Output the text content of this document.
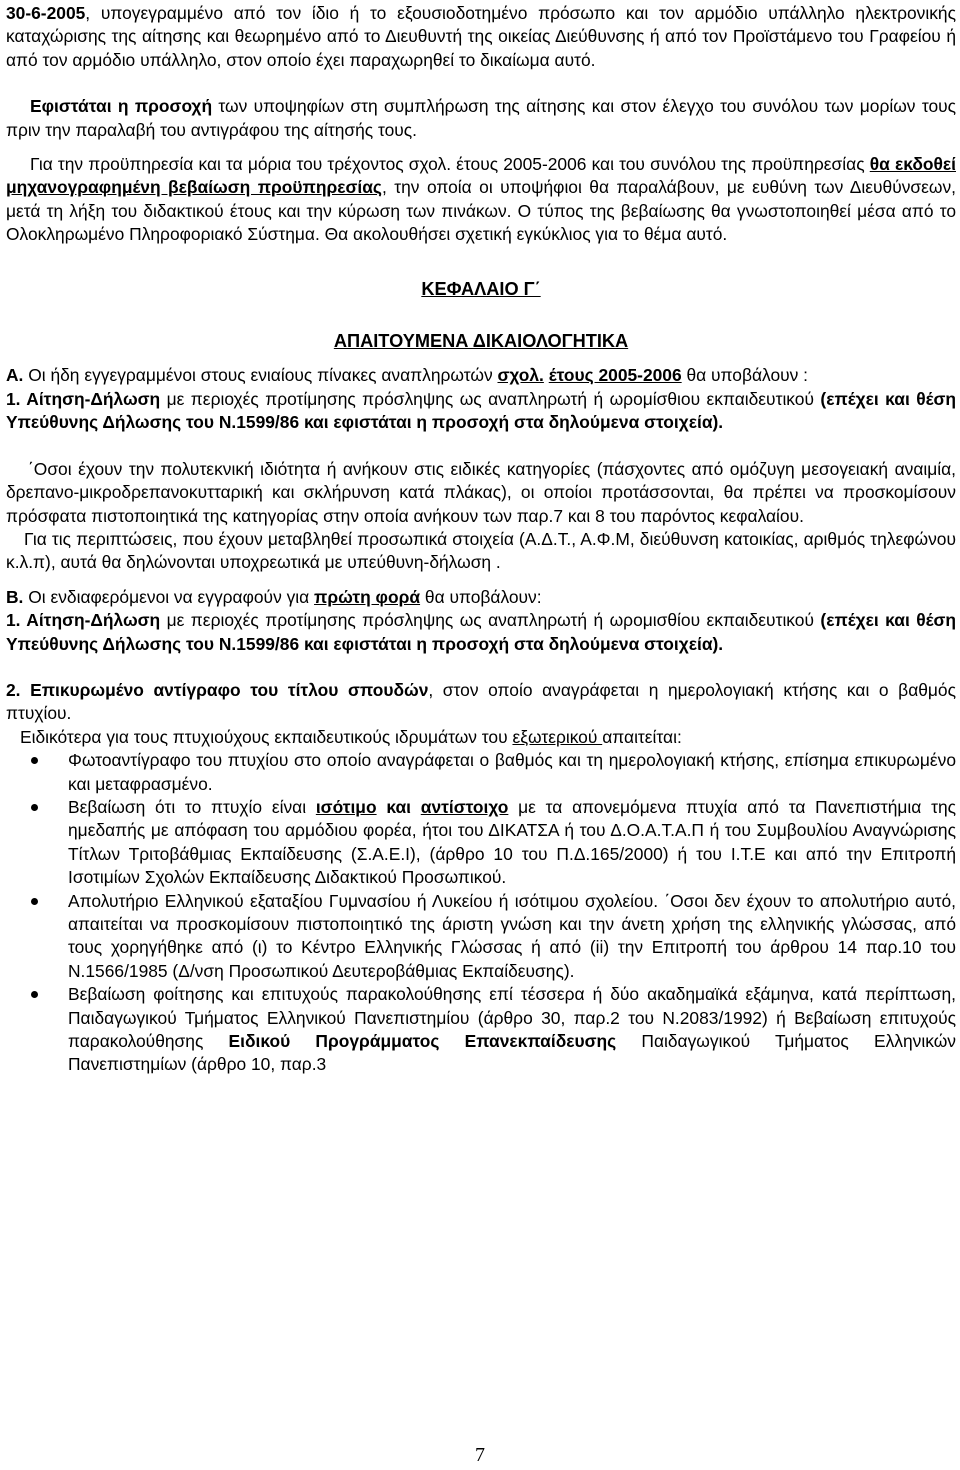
30-6-2005, υπογεγραμμένο από τον ίδιο ή το εξουσιοδοτημένο πρόσωπο και τον αρμόδιο υπάλληλο ηλεκτρονικής καταχώρισης της αίτησης και θεωρημένο από το Διευθυντή της οικείας Διεύθυνσης ή από τον Προϊστάμενο του Γραφείου ή από τον αρμόδιο υπάλληλο, στον οποίο έχει παραχωρηθεί το δικαίωμα αυτό.

Εφιστάται η προσοχή των υποψηφίων στη συμπλήρωση της αίτησης και στον έλεγχο του συνόλου των μορίων τους πριν την παραλαβή του αντιγράφου της αίτησής τους.

Για την προϋπηρεσία και τα μόρια του τρέχοντος σχολ. έτους 2005-2006 και του συνόλου της προϋπηρεσίας θα εκδοθεί μηχανογραφημένη βεβαίωση προϋπηρεσίας, την οποία οι υποψήφιοι θα παραλάβουν, με ευθύνη των Διευθύνσεων, μετά τη λήξη του διδακτικού έτους και την κύρωση των πινάκων. Ο τύπος της βεβαίωσης θα γνωστοποιηθεί μέσα από το Ολοκληρωμένο Πληροφοριακό Σύστημα. Θα ακολουθήσει σχετική εγκύκλιος για το θέμα αυτό.

ΚΕΦΑΛΑΙΟ Γ΄

ΑΠΑΙΤΟΥΜΕΝΑ ΔΙΚΑΙΟΛΟΓΗΤΙΚΑ

Α. Οι ήδη εγγεγραμμένοι στους ενιαίους πίνακες αναπληρωτών σχολ. έτους 2005-2006 θα υποβάλουν :

1. Αίτηση-Δήλωση με περιοχές προτίμησης πρόσληψης ως αναπληρωτή ή ωρομίσθιου εκπαιδευτικού (επέχει και θέση Υπεύθυνης Δήλωσης του Ν.1599/86 και εφιστάται η προσοχή στα δηλούμενα στοιχεία).

΄Οσοι έχουν την πολυτεκνική ιδιότητα ή ανήκουν στις ειδικές κατηγορίες (πάσχοντες από ομόζυγη μεσογειακή αναιμία, δρεπανο-μικροδρεπανοκυτταρική και σκλήρυνση κατά πλάκας), οι οποίοι προτάσσονται, θα πρέπει να προσκομίσουν πρόσφατα πιστοποιητικά της κατηγορίας στην οποία ανήκουν των παρ.7 και 8 του παρόντος κεφαλαίου.

Για τις περιπτώσεις, που έχουν μεταβληθεί προσωπικά στοιχεία (Α.Δ.Τ., Α.Φ.Μ, διεύθυνση κατοικίας, αριθμός τηλεφώνου κ.λ.π), αυτά θα δηλώνονται υποχρεωτικά με υπεύθυνη-δήλωση .

Β. Οι ενδιαφερόμενοι να εγγραφούν για πρώτη φορά θα υποβάλουν:

1. Αίτηση-Δήλωση με περιοχές προτίμησης πρόσληψης ως αναπληρωτή ή ωρομισθίου εκπαιδευτικού (επέχει και θέση Υπεύθυνης Δήλωσης του Ν.1599/86 και εφιστάται η προσοχή στα δηλούμενα στοιχεία).

2. Επικυρωμένο αντίγραφο του τίτλου σπουδών, στον οποίο αναγράφεται η ημερολογιακή κτήσης και ο βαθμός πτυχίου.

Ειδικότερα για τους πτυχιούχους εκπαιδευτικούς ιδρυμάτων του εξωτερικού απαιτείται:

Φωτοαντίγραφο του πτυχίου στο οποίο αναγράφεται ο βαθμός και τη ημερολογιακή κτήσης, επίσημα επικυρωμένο και μεταφρασμένο.
Βεβαίωση ότι το πτυχίο είναι ισότιμο και αντίστοιχο με τα απονεμόμενα πτυχία από τα Πανεπιστήμια της ημεδαπής με απόφαση του αρμόδιου φορέα, ήτοι του ΔΙΚΑΤΣΑ ή του Δ.Ο.Α.Τ.Α.Π ή του Συμβουλίου Αναγνώρισης Τίτλων Τριτοβάθμιας Εκπαίδευσης (Σ.Α.Ε.Ι), (άρθρο 10 του Π.Δ.165/2000) ή του Ι.Τ.Ε και από την Επιτροπή Ισοτιμίων Σχολών Εκπαίδευσης Διδακτικού Προσωπικού.
Απολυτήριο Ελληνικού εξαταξίου Γυμνασίου ή Λυκείου ή ισότιμου σχολείου. ΄Οσοι δεν έχουν το απολυτήριο αυτό, απαιτείται να προσκομίσουν πιστοποιητικό της άριστη γνώση και την άνετη χρήση της ελληνικής γλώσσας, από τους χορηγήθηκε από (ι) το Κέντρο Ελληνικής Γλώσσας ή από (ii) την Επιτροπή του άρθρου 14 παρ.10 του Ν.1566/1985 (Δ/νση Προσωπικού Δευτεροβάθμιας Εκπαίδευσης).
Βεβαίωση φοίτησης και επιτυχούς παρακολούθησης επί τέσσερα ή δύο ακαδημαϊκά εξάμηνα, κατά περίπτωση, Παιδαγωγικού Τμήματος Ελληνικού Πανεπιστημίου (άρθρο 30, παρ.2 του Ν.2083/1992) ή Βεβαίωση επιτυχούς παρακολούθησης Ειδικού Προγράμματος Επανεκπαίδευσης Παιδαγωγικού Τμήματος Ελληνικών Πανεπιστημίων (άρθρο 10, παρ.3
7
